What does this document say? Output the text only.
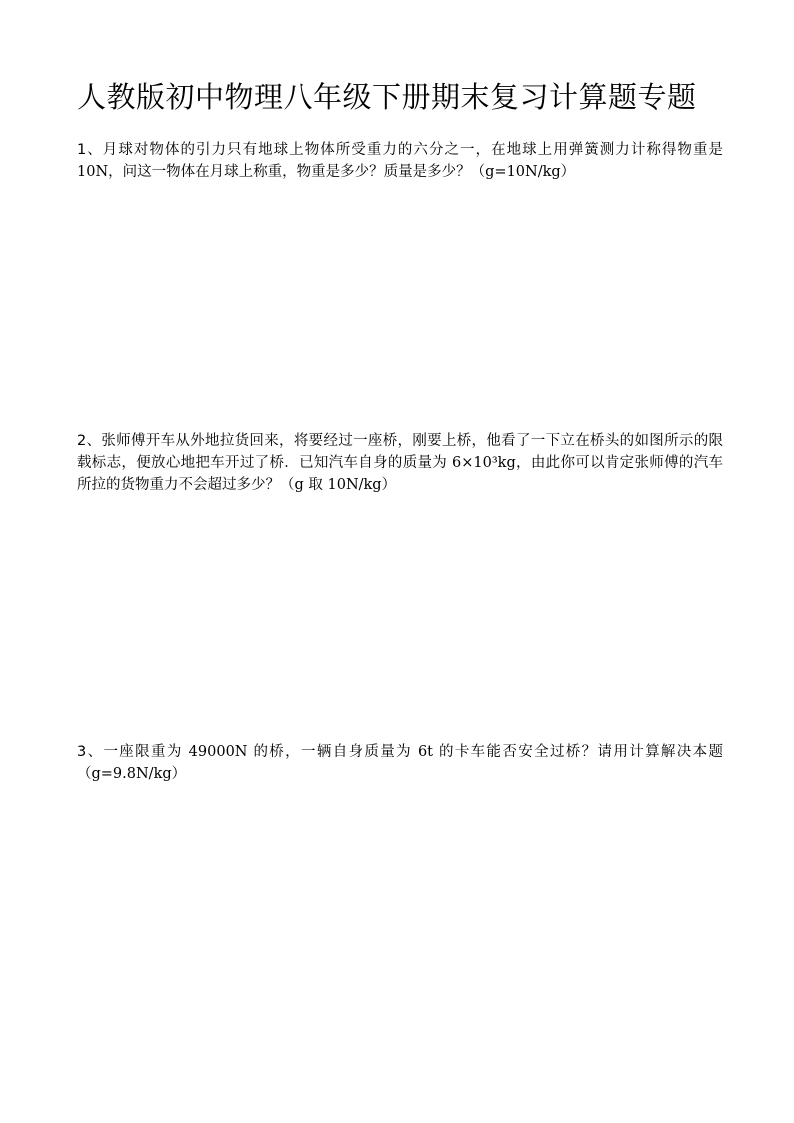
人教版初中物理八年级下册期末复习计算题专题

1、月球对物体的引力只有地球上物体所受重力的六分之一，在地球上用弹簧测力计称得物重是 10N，问这一物体在月球上称重，物重是多少？质量是多少？（g=10N/kg）

2、张师傅开车从外地拉货回来，将要经过一座桥，刚要上桥，他看了一下立在桥头的如图所示的限载标志，便放心地把车开过了桥．已知汽车自身的质量为 6×10³kg，由此你可以肯定张师傅的汽车所拉的货物重力不会超过多少？（g 取 10N/kg）

3、一座限重为 49000N 的桥，一辆自身质量为 6t 的卡车能否安全过桥？请用计算解决本题（g=9.8N/kg）
